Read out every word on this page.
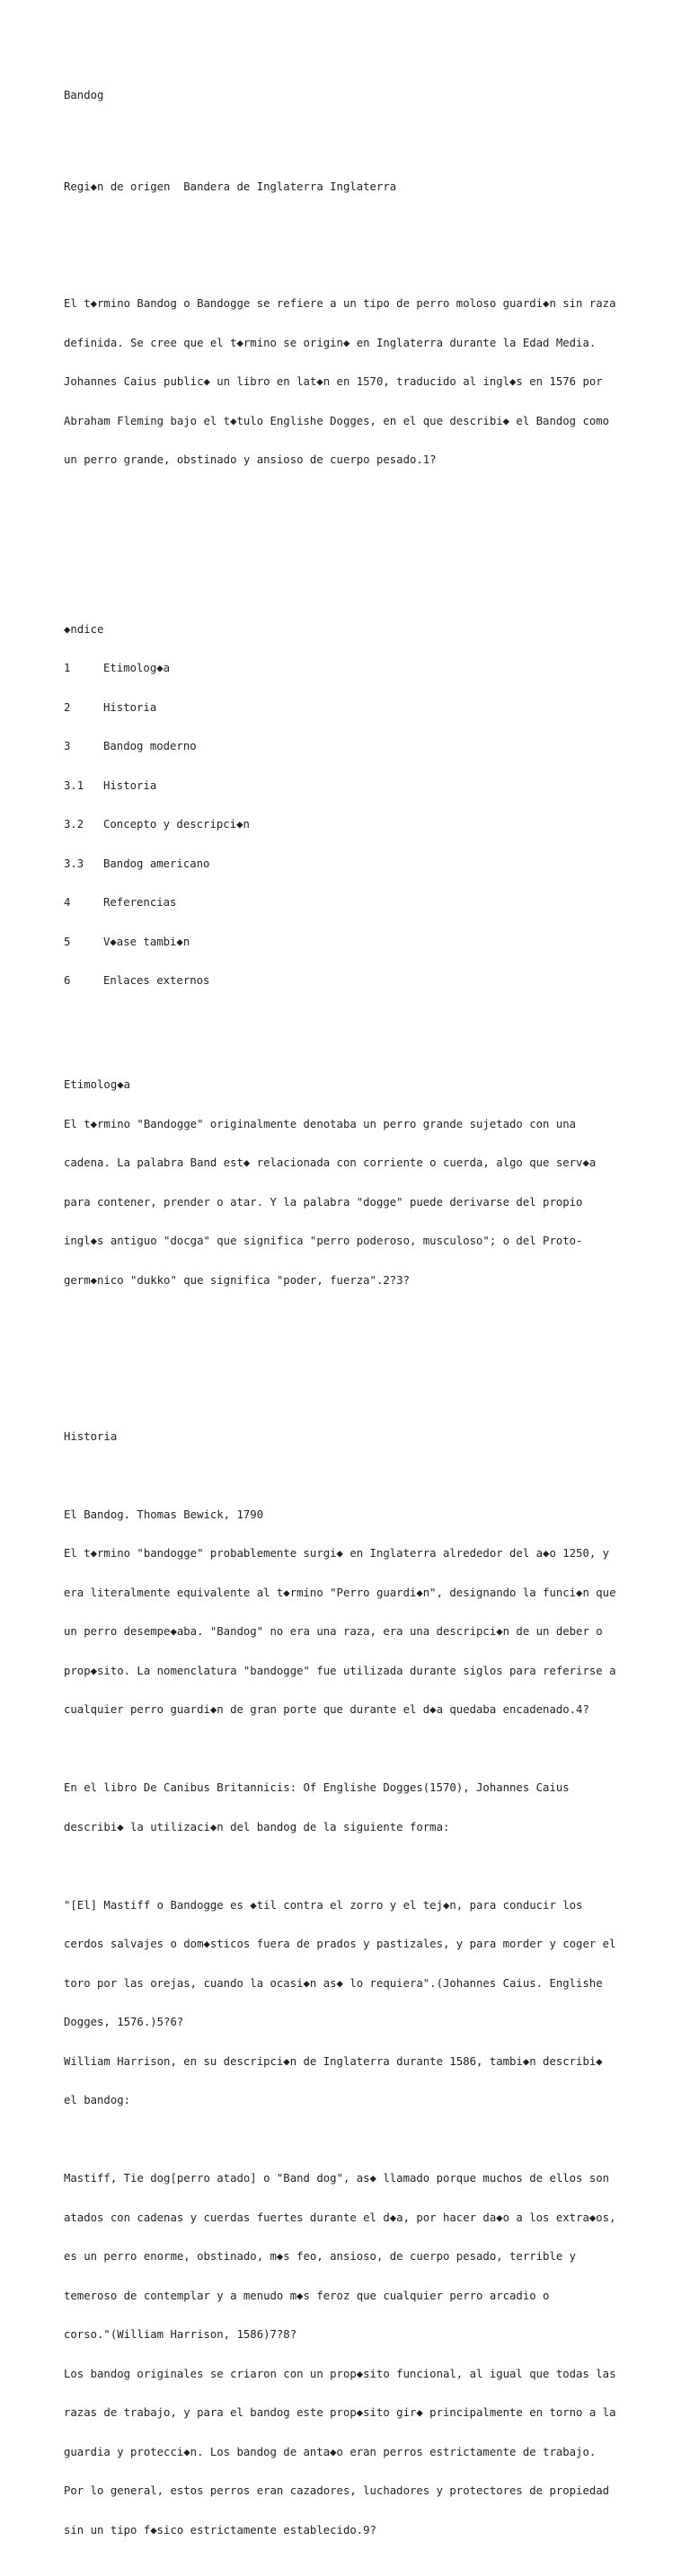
Bandog

Regi◆n de origen  Bandera de Inglaterra Inglaterra

El t◆rmino Bandog o Bandogge se refiere a un tipo de perro moloso guardi◆n sin raza

definida. Se cree que el t◆rmino se origin◆ en Inglaterra durante la Edad Media.

Johannes Caius public◆ un libro en lat◆n en 1570, traducido al ingl◆s en 1576 por

Abraham Fleming bajo el t◆tulo Englishe Dogges, en el que describi◆ el Bandog como

un perro grande, obstinado y ansioso de cuerpo pesado.1?

◆ndice

1	Etimolog◆a

2	Historia

3	Bandog moderno

3.1 Historia

3.2 Concepto y descripci◆n

3.3 Bandog americano

4	Referencias

5	V◆ase tambi◆n

6	Enlaces externos

Etimolog◆a

El t◆rmino "Bandogge" originalmente denotaba un perro grande sujetado con una

cadena. La palabra Band est◆ relacionada con corriente o cuerda, algo que serv◆a

para contener, prender o atar. Y la palabra "dogge" puede derivarse del propio

ingl◆s antiguo "docga" que significa "perro poderoso, musculoso"; o del Proto-

germ◆nico "dukko" que significa "poder, fuerza".2?3?

Historia

El Bandog. Thomas Bewick, 1790

El t◆rmino "bandogge" probablemente surgi◆ en Inglaterra alrededor del a◆o 1250, y

era literalmente equivalente al t◆rmino "Perro guardi◆n", designando la funci◆n que

un perro desempe◆aba. "Bandog" no era una raza, era una descripci◆n de un deber o

prop◆sito. La nomenclatura "bandogge" fue utilizada durante siglos para referirse a

cualquier perro guardi◆n de gran porte que durante el d◆a quedaba encadenado.4?

En el libro De Canibus Britannicis: Of Englishe Dogges(1570), Johannes Caius

describi◆ la utilizaci◆n del bandog de la siguiente forma:

"[El] Mastiff o Bandogge es ◆til contra el zorro y el tej◆n, para conducir los

cerdos salvajes o dom◆sticos fuera de prados y pastizales, y para morder y coger el

toro por las orejas, cuando la ocasi◆n as◆ lo requiera".(Johannes Caius. Englishe

Dogges, 1576.)5?6?

William Harrison, en su descripci◆n de Inglaterra durante 1586, tambi◆n describi◆

el bandog:

Mastiff, Tie dog[perro atado] o "Band dog", as◆ llamado porque muchos de ellos son

atados con cadenas y cuerdas fuertes durante el d◆a, por hacer da◆o a los extra◆os,

es un perro enorme, obstinado, m◆s feo, ansioso, de cuerpo pesado, terrible y

temeroso de contemplar y a menudo m◆s feroz que cualquier perro arcadio o

corso."(William Harrison, 1586)7?8?

Los bandog originales se criaron con un prop◆sito funcional, al igual que todas las

razas de trabajo, y para el bandog este prop◆sito gir◆ principalmente en torno a la

guardia y protecci◆n. Los bandog de anta◆o eran perros estrictamente de trabajo.

Por lo general, estos perros eran cazadores, luchadores y protectores de propiedad

sin un tipo f◆sico estrictamente establecido.9?
